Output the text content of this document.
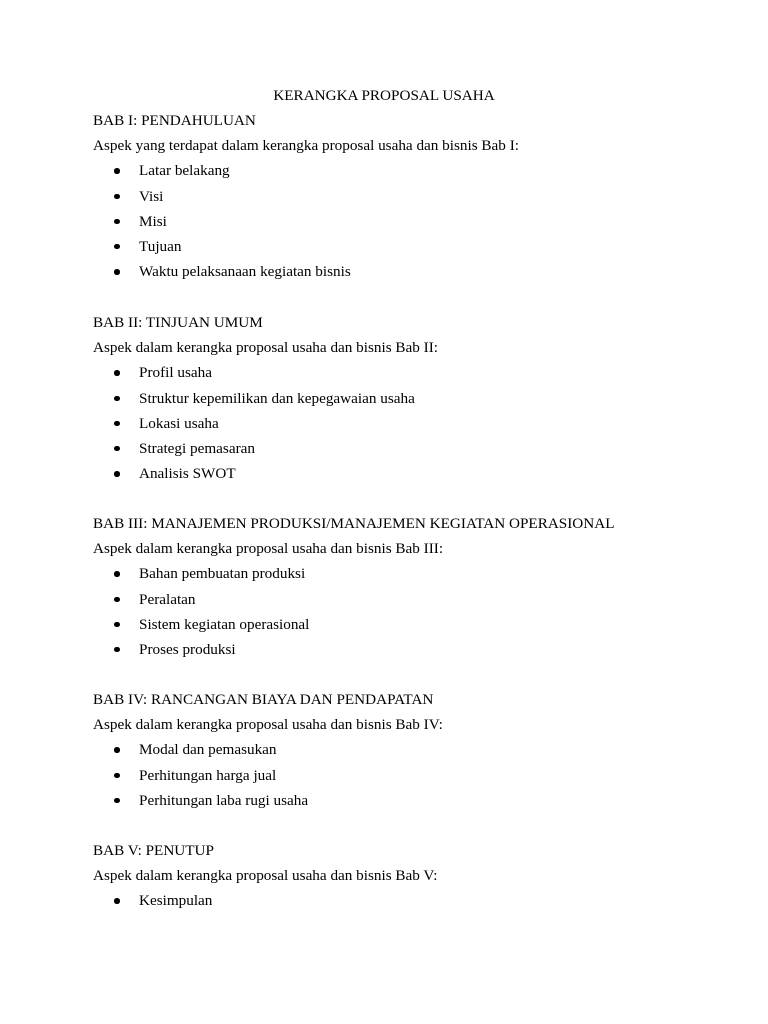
KERANGKA PROPOSAL USAHA
BAB I: PENDAHULUAN
Aspek yang terdapat dalam kerangka proposal usaha dan bisnis Bab I:
Latar belakang
Visi
Misi
Tujuan
Waktu pelaksanaan kegiatan bisnis
BAB II: TINJUAN UMUM
Aspek dalam kerangka proposal usaha dan bisnis Bab II:
Profil usaha
Struktur kepemilikan dan kepegawaian usaha
Lokasi usaha
Strategi pemasaran
Analisis SWOT
BAB III: MANAJEMEN PRODUKSI/MANAJEMEN KEGIATAN OPERASIONAL
Aspek dalam kerangka proposal usaha dan bisnis Bab III:
Bahan pembuatan produksi
Peralatan
Sistem kegiatan operasional
Proses produksi
BAB IV: RANCANGAN BIAYA DAN PENDAPATAN
Aspek dalam kerangka proposal usaha dan bisnis Bab IV:
Modal dan pemasukan
Perhitungan harga jual
Perhitungan laba rugi usaha
BAB V: PENUTUP
Aspek dalam kerangka proposal usaha dan bisnis Bab V:
Kesimpulan
